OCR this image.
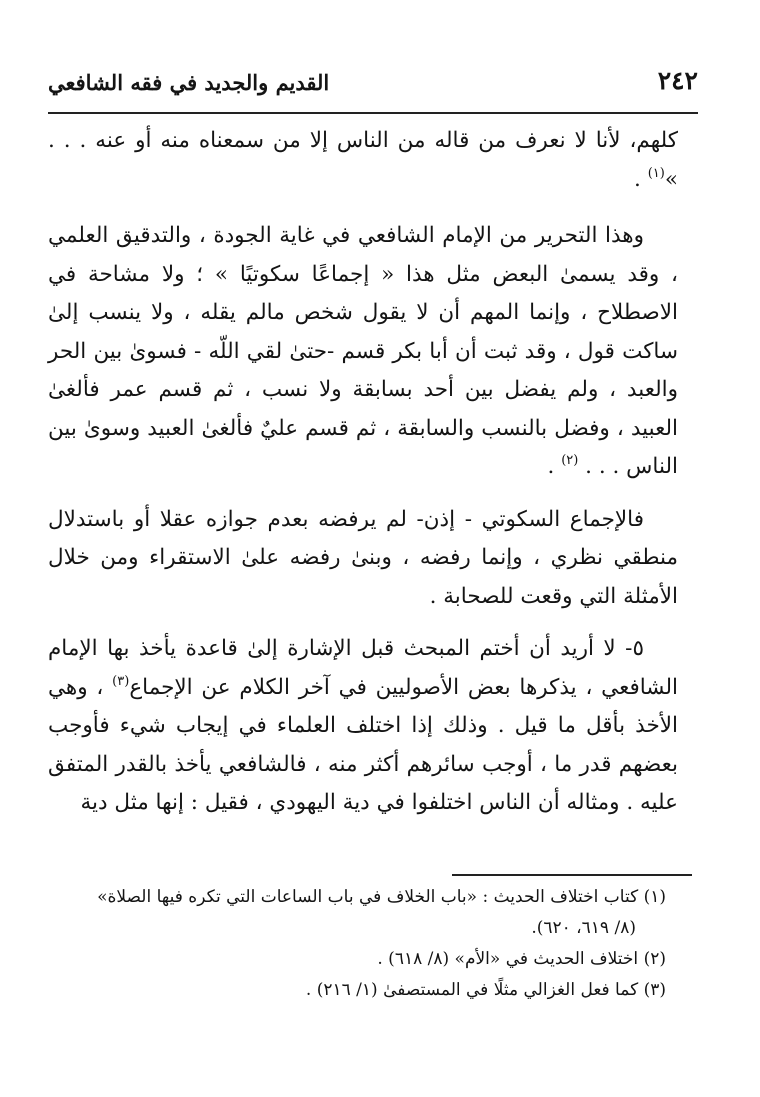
٢٤٢
القديم والجديد في فقه الشافعي

كلهم، لأنا لا نعرف من قاله من الناس إلا من سمعناه منه أو عنه . . . »$^{(١)}$ .

وهذا التحرير من الإمام الشافعي في غاية الجودة ، والتدقيق العلمي ، وقد يسمىٰ البعض مثل هذا « إجماعًا سكوتيًا » ؛ ولا مشاحة في الاصطلاح ، وإنما المهم أن لا يقول شخص مالم يقله ، ولا ينسب إلىٰ ساكت قول ، وقد ثبت أن أبا بكر قسم -حتىٰ لقي اللّه - فسوىٰ بين الحر والعبد ، ولم يفضل بين أحد بسابقة ولا نسب ، ثم قسم عمر فألغىٰ العبيد ، وفضل بالنسب والسابقة ، ثم قسم عليٌ فألغىٰ العبيد وسوىٰ بين الناس . . . $^{(٢)}$ .

فالإجماع السكوتي - إذن- لم يرفضه بعدم جوازه عقلا أو باستدلال منطقي نظري ، وإنما رفضه ، وبنىٰ رفضه علىٰ الاستقراء ومن خلال الأمثلة التي وقعت للصحابة .

٥- لا أريد أن أختم المبحث قبل الإشارة إلىٰ قاعدة يأخذ بها الإمام الشافعي ، يذكرها بعض الأصوليين في آخر الكلام عن الإجماع$^{(٣)}$ ، وهي الأخذ بأقل ما قيل . وذلك إذا اختلف العلماء في إيجاب شيء فأوجب بعضهم قدر ما ، أوجب سائرهم أكثر منه ، فالشافعي يأخذ بالقدر المتفق عليه . ومثاله أن الناس اختلفوا في دية اليهودي ، فقيل : إنها مثل دية

(١) كتاب اختلاف الحديث : «باب الخلاف في باب الساعات التي تكره فيها الصلاة»

(٨/ ٦١٩، ٦٢٠).

(٢) اختلاف الحديث في «الأم» (٨/ ٦١٨) .

(٣) كما فعل الغزالي مثلًا في المستصفىٰ (١/ ٢١٦) .
